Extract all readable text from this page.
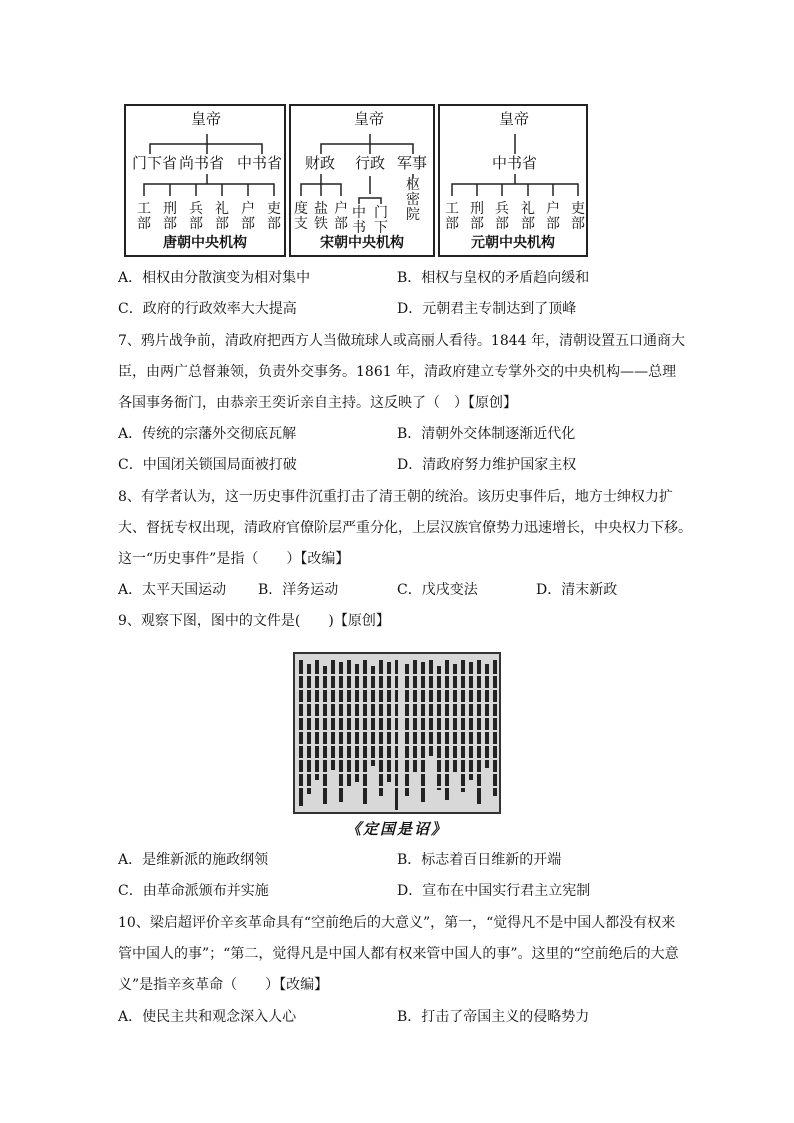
皇帝
门下省 尚书省 中书省
工部
刑部
兵部
礼部
户部
吏部
唐朝中央机构
皇帝
财政 行政 军事
度支
盐铁
户部
中书
门下
枢密院
宋朝中央机构
皇帝
中书省
工部
刑部
兵部
礼部
户部
吏部
元朝中央机构
A．相权由分散演变为相对集中	B．相权与皇权的矛盾趋向缓和
C．政府的行政效率大大提高	D．元朝君主专制达到了顶峰
7、鸦片战争前，清政府把西方人当做琉球人或高丽人看待。1844 年，清朝设置五口通商大
臣，由两广总督兼领，负责外交事务。1861 年，清政府建立专掌外交的中央机构——总理
各国事务衙门，由恭亲王奕䜣亲自主持。这反映了（　）【原创】
A．传统的宗藩外交彻底瓦解	B．清朝外交体制逐渐近代化
C．中国闭关锁国局面被打破	D．清政府努力维护国家主权
8、有学者认为，这一历史事件沉重打击了清王朝的统治。该历史事件后，地方士绅权力扩
大、督抚专权出现，清政府官僚阶层严重分化，上层汉族官僚势力迅速增长，中央权力下移。
这一“历史事件”是指（　　）【改编】
A．太平天国运动 B．洋务运动	C．戊戌变法	D．清末新政
9、观察下图，图中的文件是(　　)【原创】
《定国是诏》
A．是维新派的施政纲领	B．标志着百日维新的开端
C．由革命派颁布并实施	D．宣布在中国实行君主立宪制
10、梁启超评价辛亥革命具有“空前绝后的大意义”，第一，“觉得凡不是中国人都没有权来
管中国人的事”；“第二，觉得凡是中国人都有权来管中国人的事”。这里的“空前绝后的大意
义”是指辛亥革命（　　）【改编】
A．使民主共和观念深入人心	B．打击了帝国主义的侵略势力
